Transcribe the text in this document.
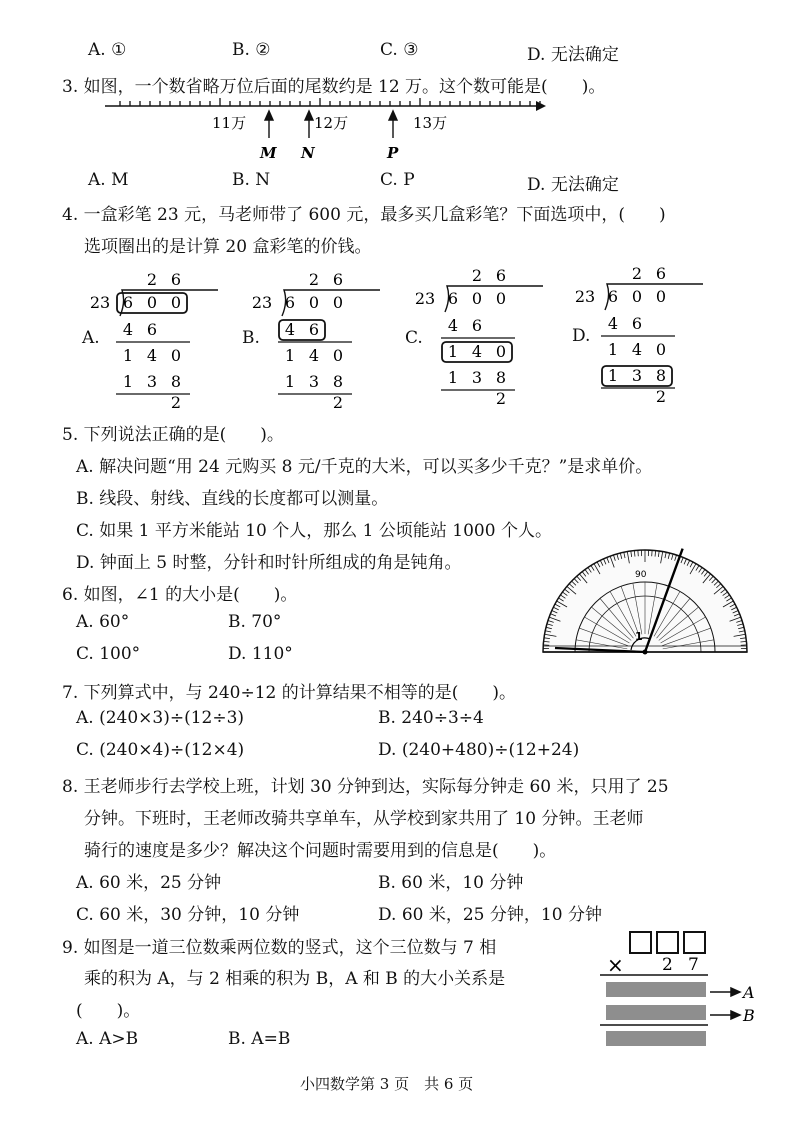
A. ①	B. ②	C. ③	D. 无法确定
3. 如图，一个数省略万位后面的尾数约是 12 万。这个数可能是(　　)。
11万	12万	13万
M N	P
A. M	B. N	C. P	D. 无法确定
4. 一盒彩笔 23 元，马老师带了 600 元，最多买几盒彩笔？下面选项中，(　　)
选项圈出的是计算 20 盒彩笔的价钱。
A.	B.	C.	D.
2 6
23 6 0 0
4 6
1 4 0
1 3 8
2
2 6
23 6 0 0
4 6
1 4 0
1 3 8
2
2 6
23 6 0 0
4 6
1 4 0
1 3 8
2
2 6
23 6 0 0
4 6
1 4 0
1 3 8
2
5. 下列说法正确的是(　　)。
A. 解决问题“用 24 元购买 8 元/千克的大米，可以买多少千克？”是求单价。
B. 线段、射线、直线的长度都可以测量。
C. 如果 1 平方米能站 10 个人，那么 1 公顷能站 1000 个人。
D. 钟面上 5 时整，分针和时针所组成的角是钝角。
6. 如图，∠1 的大小是(　　)。
A. 60°	B. 70°
C. 100°	D. 110°
1
90
7. 下列算式中，与 240÷12 的计算结果不相等的是(　　)。
A. (240×3)÷(12÷3)	B. 240÷3÷4
C. (240×4)÷(12×4)	D. (240+480)÷(12+24)
8. 王老师步行去学校上班，计划 30 分钟到达，实际每分钟走 60 米，只用了 25
分钟。下班时，王老师改骑共享单车，从学校到家共用了 10 分钟。王老师
骑行的速度是多少？解决这个问题时需要用到的信息是(　　)。
A. 60 米，25 分钟	B. 60 米，10 分钟
C. 60 米，30 分钟，10 分钟	D. 60 米，25 分钟，10 分钟
9. 如图是一道三位数乘两位数的竖式，这个三位数与 7 相
乘的积为 A，与 2 相乘的积为 B，A 和 B 的大小关系是
(　　)。
A. A>B	B. A=B
× 2 7
A
B
小四数学第 3 页　共 6 页
